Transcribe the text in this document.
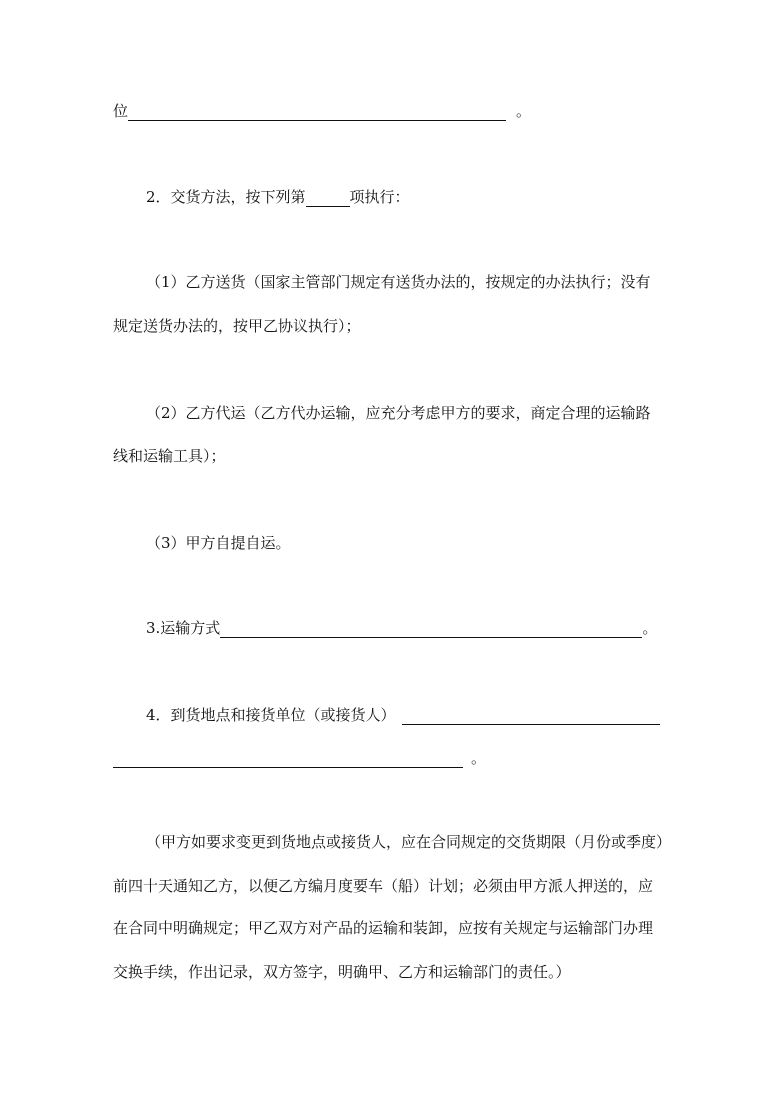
位	。
2．交货方法，按下列第	项执行：
（1）乙方送货（国家主管部门规定有送货办法的，按规定的办法执行；没有
规定送货办法的，按甲乙协议执行）；
（2）乙方代运（乙方代办运输，应充分考虑甲方的要求，商定合理的运输路
线和运输工具）；
（3）甲方自提自运。
3.运输方式	。
4．到货地点和接货单位（或接货人）
。
（甲方如要求变更到货地点或接货人，应在合同规定的交货期限（月份或季度）
前四十天通知乙方，以便乙方编月度要车（船）计划；必须由甲方派人押送的，应
在合同中明确规定；甲乙双方对产品的运输和装卸，应按有关规定与运输部门办理
交换手续，作出记录，双方签字，明确甲、乙方和运输部门的责任。）
